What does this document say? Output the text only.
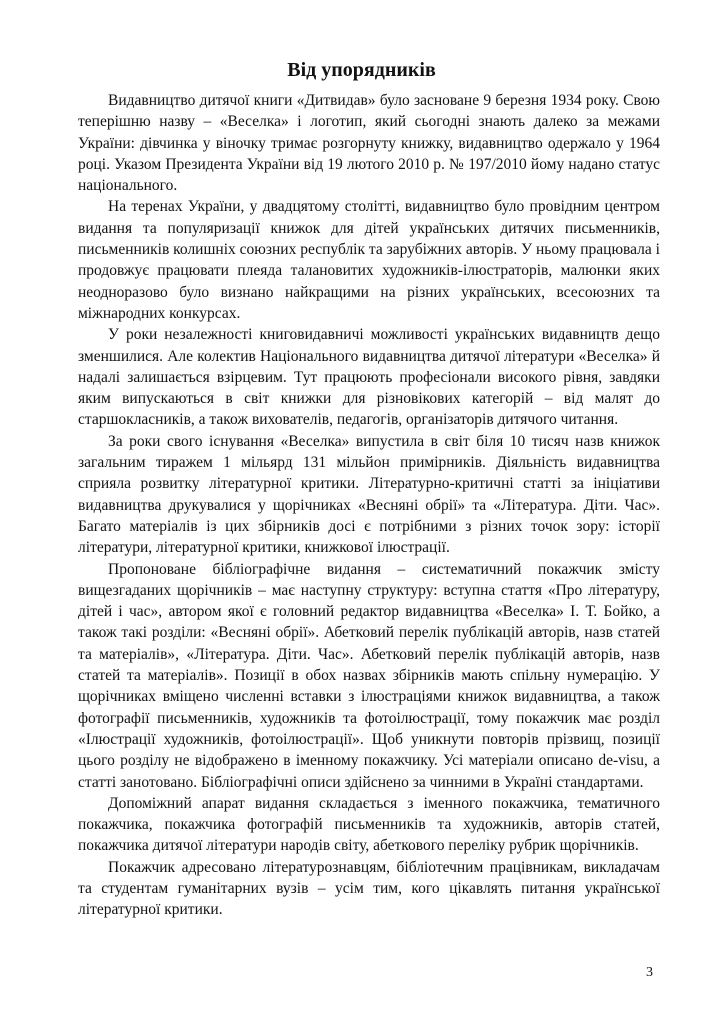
Від упорядників

Видавництво дитячої книги «Дитвидав» було засноване 9 березня 1934 року. Свою теперішню назву – «Веселка» і логотип, який сьогодні знають далеко за межами України: дівчинка у віночку тримає розгорнуту книжку, видавництво одержало у 1964 році. Указом Президента України від 19 лютого 2010 р. № 197/2010 йому надано статус національного.

На теренах України, у двадцятому столітті, видавництво було провідним центром видання та популяризації книжок для дітей українських дитячих письменників, письменників колишніх союзних республік та зарубіжних авторів. У ньому працювала і продовжує працювати плеяда талановитих художників-ілюстраторів, малюнки яких неодноразово було визнано найкращими на різних українських, всесоюзних та міжнародних конкурсах.

У роки незалежності книговидавничі можливості українських видавництв дещо зменшилися. Але колектив Національного видавництва дитячої літератури «Веселка» й надалі залишається взірцевим. Тут працюють професіонали високого рівня, завдяки яким випускаються в світ книжки для різновікових категорій – від малят до старшокласників, а також вихователів, педагогів, організаторів дитячого читання.

За роки свого існування «Веселка» випустила в світ біля 10 тисяч назв книжок загальним тиражем 1 мільярд 131 мільйон примірників. Діяльність видавництва сприяла розвитку літературної критики. Літературно-критичні статті за ініціативи видавництва друкувалися у щорічниках «Весняні обрії» та «Література. Діти. Час». Багато матеріалів із цих збірників досі є потрібними з різних точок зору: історії літератури, літературної критики, книжкової ілюстрації.

Пропоноване бібліографічне видання – систематичний покажчик змісту вищезгаданих щорічників – має наступну структуру: вступна стаття «Про літературу, дітей і час», автором якої є головний редактор видавництва «Веселка» І. Т. Бойко, а також такі розділи: «Весняні обрії». Абетковий перелік публікацій авторів, назв статей та матеріалів», «Література. Діти. Час». Абетковий перелік публікацій авторів, назв статей та матеріалів». Позиції в обох назвах збірників мають спільну нумерацію. У щорічниках вміщено численні вставки з ілюстраціями книжок видавництва, а також фотографії письменників, художників та фотоілюстрації, тому покажчик має розділ «Ілюстрації художників, фотоілюстрації». Щоб уникнути повторів прізвищ, позиції цього розділу не відображено в іменному покажчику. Усі матеріали описано de-visu, а статті занотовано. Бібліографічні описи здійснено за чинними в Україні стандартами.

Допоміжний апарат видання складається з іменного покажчика, тематичного покажчика, покажчика фотографій письменників та художників, авторів статей, покажчика дитячої літератури народів світу, абеткового переліку рубрик щорічників.

Покажчик адресовано літературознавцям, бібліотечним працівникам, викладачам та студентам гуманітарних вузів – усім тим, кого цікавлять питання української літературної критики.

3
